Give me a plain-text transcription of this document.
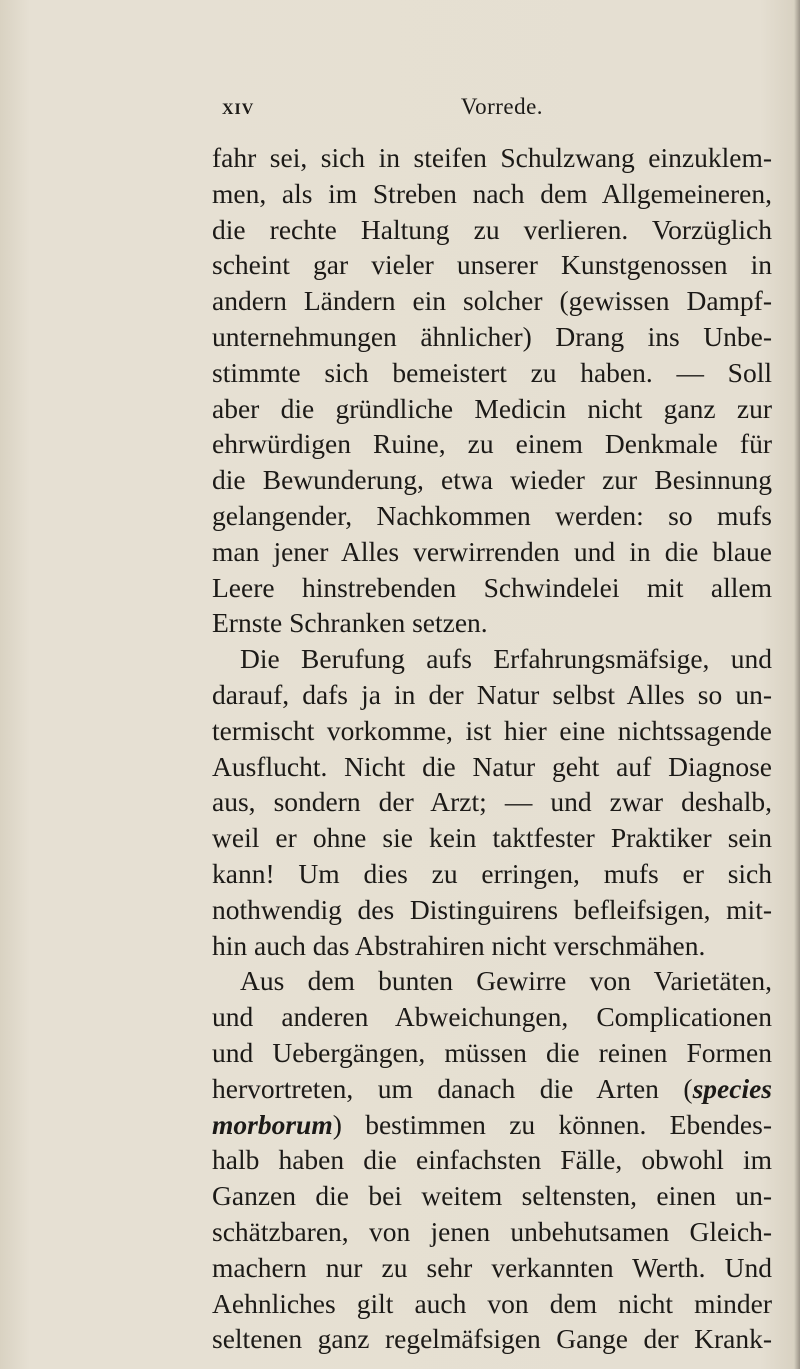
XIV	Vorrede.
fahr sei, sich in steifen Schulzwang einzuklem-
men, als im Streben nach dem Allgemeineren,
die rechte Haltung zu verlieren. Vorzüglich
scheint gar vieler unserer Kunstgenossen in
andern Ländern ein solcher (gewissen Dampf-
unternehmungen ähnlicher) Drang ins Unbe-
stimmte sich bemeistert zu haben. — Soll
aber die gründliche Medicin nicht ganz zur
ehrwürdigen Ruine, zu einem Denkmale für
die Bewunderung, etwa wieder zur Besinnung
gelangender, Nachkommen werden: so mufs
man jener Alles verwirrenden und in die blaue
Leere hinstrebenden Schwindelei mit allem
Ernste Schranken setzen.
Die Berufung aufs Erfahrungsmäfsige, und
darauf, dafs ja in der Natur selbst Alles so un-
termischt vorkomme, ist hier eine nichtssagende
Ausflucht. Nicht die Natur geht auf Diagnose
aus, sondern der Arzt; — und zwar deshalb,
weil er ohne sie kein taktfester Praktiker sein
kann! Um dies zu erringen, mufs er sich
nothwendig des Distinguirens befleifsigen, mit-
hin auch das Abstrahiren nicht verschmähen.
Aus dem bunten Gewirre von Varietäten,
und anderen Abweichungen, Complicationen
und Uebergängen, müssen die reinen Formen
hervortreten, um danach die Arten (species
morborum) bestimmen zu können. Ebendes-
halb haben die einfachsten Fälle, obwohl im
Ganzen die bei weitem seltensten, einen un-
schätzbaren, von jenen unbehutsamen Gleich-
machern nur zu sehr verkannten Werth. Und
Aehnliches gilt auch von dem nicht minder
seltenen ganz regelmäfsigen Gange der Krank-
